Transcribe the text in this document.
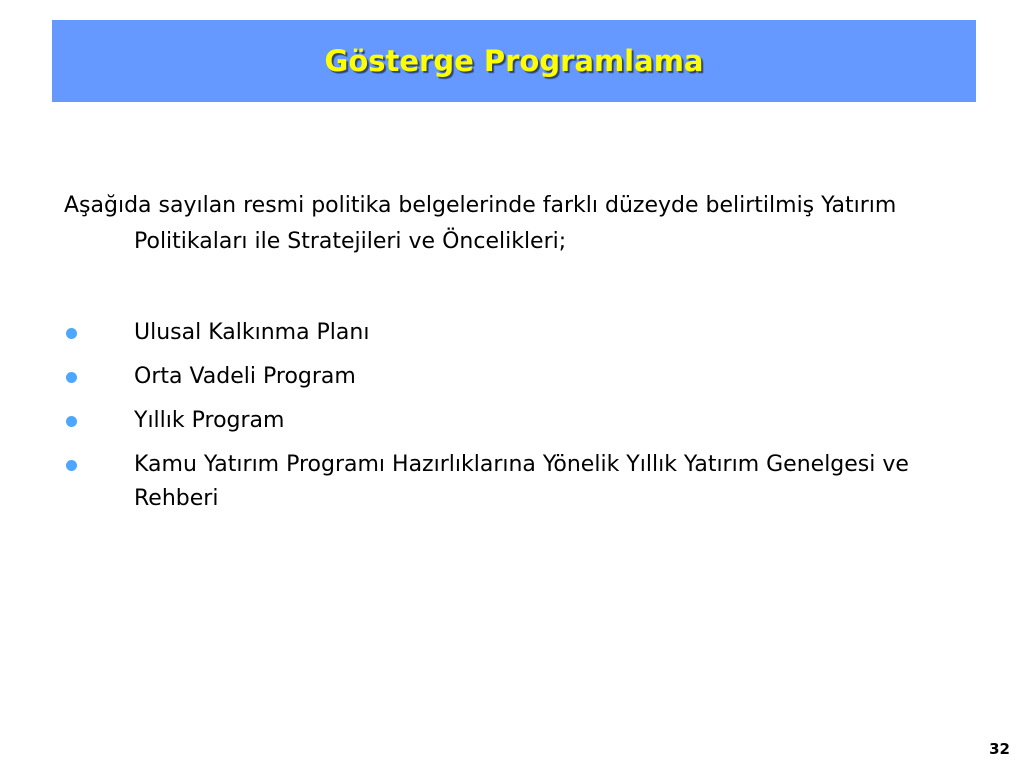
Gösterge Programlama

Aşağıda sayılan resmi politika belgelerinde farklı düzeyde belirtilmiş Yatırım Politikaları ile Stratejileri ve Öncelikleri;

Ulusal Kalkınma Planı
Orta Vadeli Program
Yıllık Program
Kamu Yatırım Programı Hazırlıklarına Yönelik Yıllık Yatırım Genelgesi ve Rehberi
32
